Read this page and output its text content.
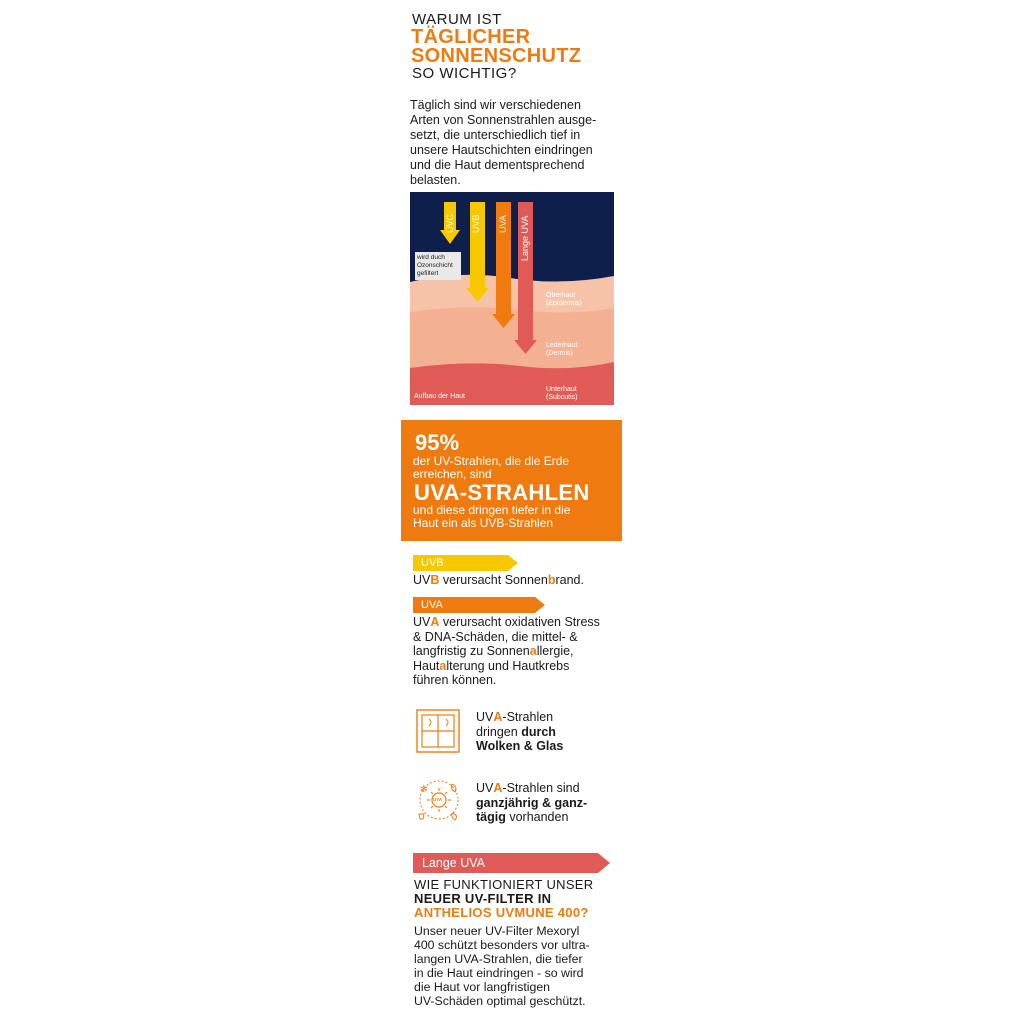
WARUM IST
TÄGLICHER
SONNENSCHUTZ
SO WICHTIG?
Täglich sind wir verschiedenen
Arten von Sonnenstrahlen ausge-
setzt, die unterschiedlich tief in
unsere Hautschichten eindringen
und die Haut dementsprechend
belasten.
UVC UVB UVA Lange UVA
wird duch
Ozonschicht
gefiltert
Oberhaut
(Epidermis)
Lederhaut
(Dermis)
Unterhaut
(Subcutis)
Aufbau der Haut
95%
der UV-Strahlen, die die Erde
erreichen, sind
UVA-STRAHLEN
und diese dringen tiefer in die
Haut ein als UVB-Strahlen
UVB
UVB verursacht Sonnenbrand.
UVA
UVA verursacht oxidativen Stress
& DNA-Schäden, die mittel- &
langfristig zu Sonnenallergie,
Hautalterung und Hautkrebs
führen können.
UVA-Strahlen
dringen durch
Wolken & Glas
✻
UVA
UVA-Strahlen sind
ganzjährig & ganz-
tägig vorhanden
Lange UVA
WIE FUNKTIONIERT UNSER
NEUER UV-FILTER IN
ANTHELIOS UVMUNE 400?
Unser neuer UV-Filter Mexoryl
400 schützt besonders vor ultra-
langen UVA-Strahlen, die tiefer
in die Haut eindringen - so wird
die Haut vor langfristigen
UV-Schäden optimal geschützt.
